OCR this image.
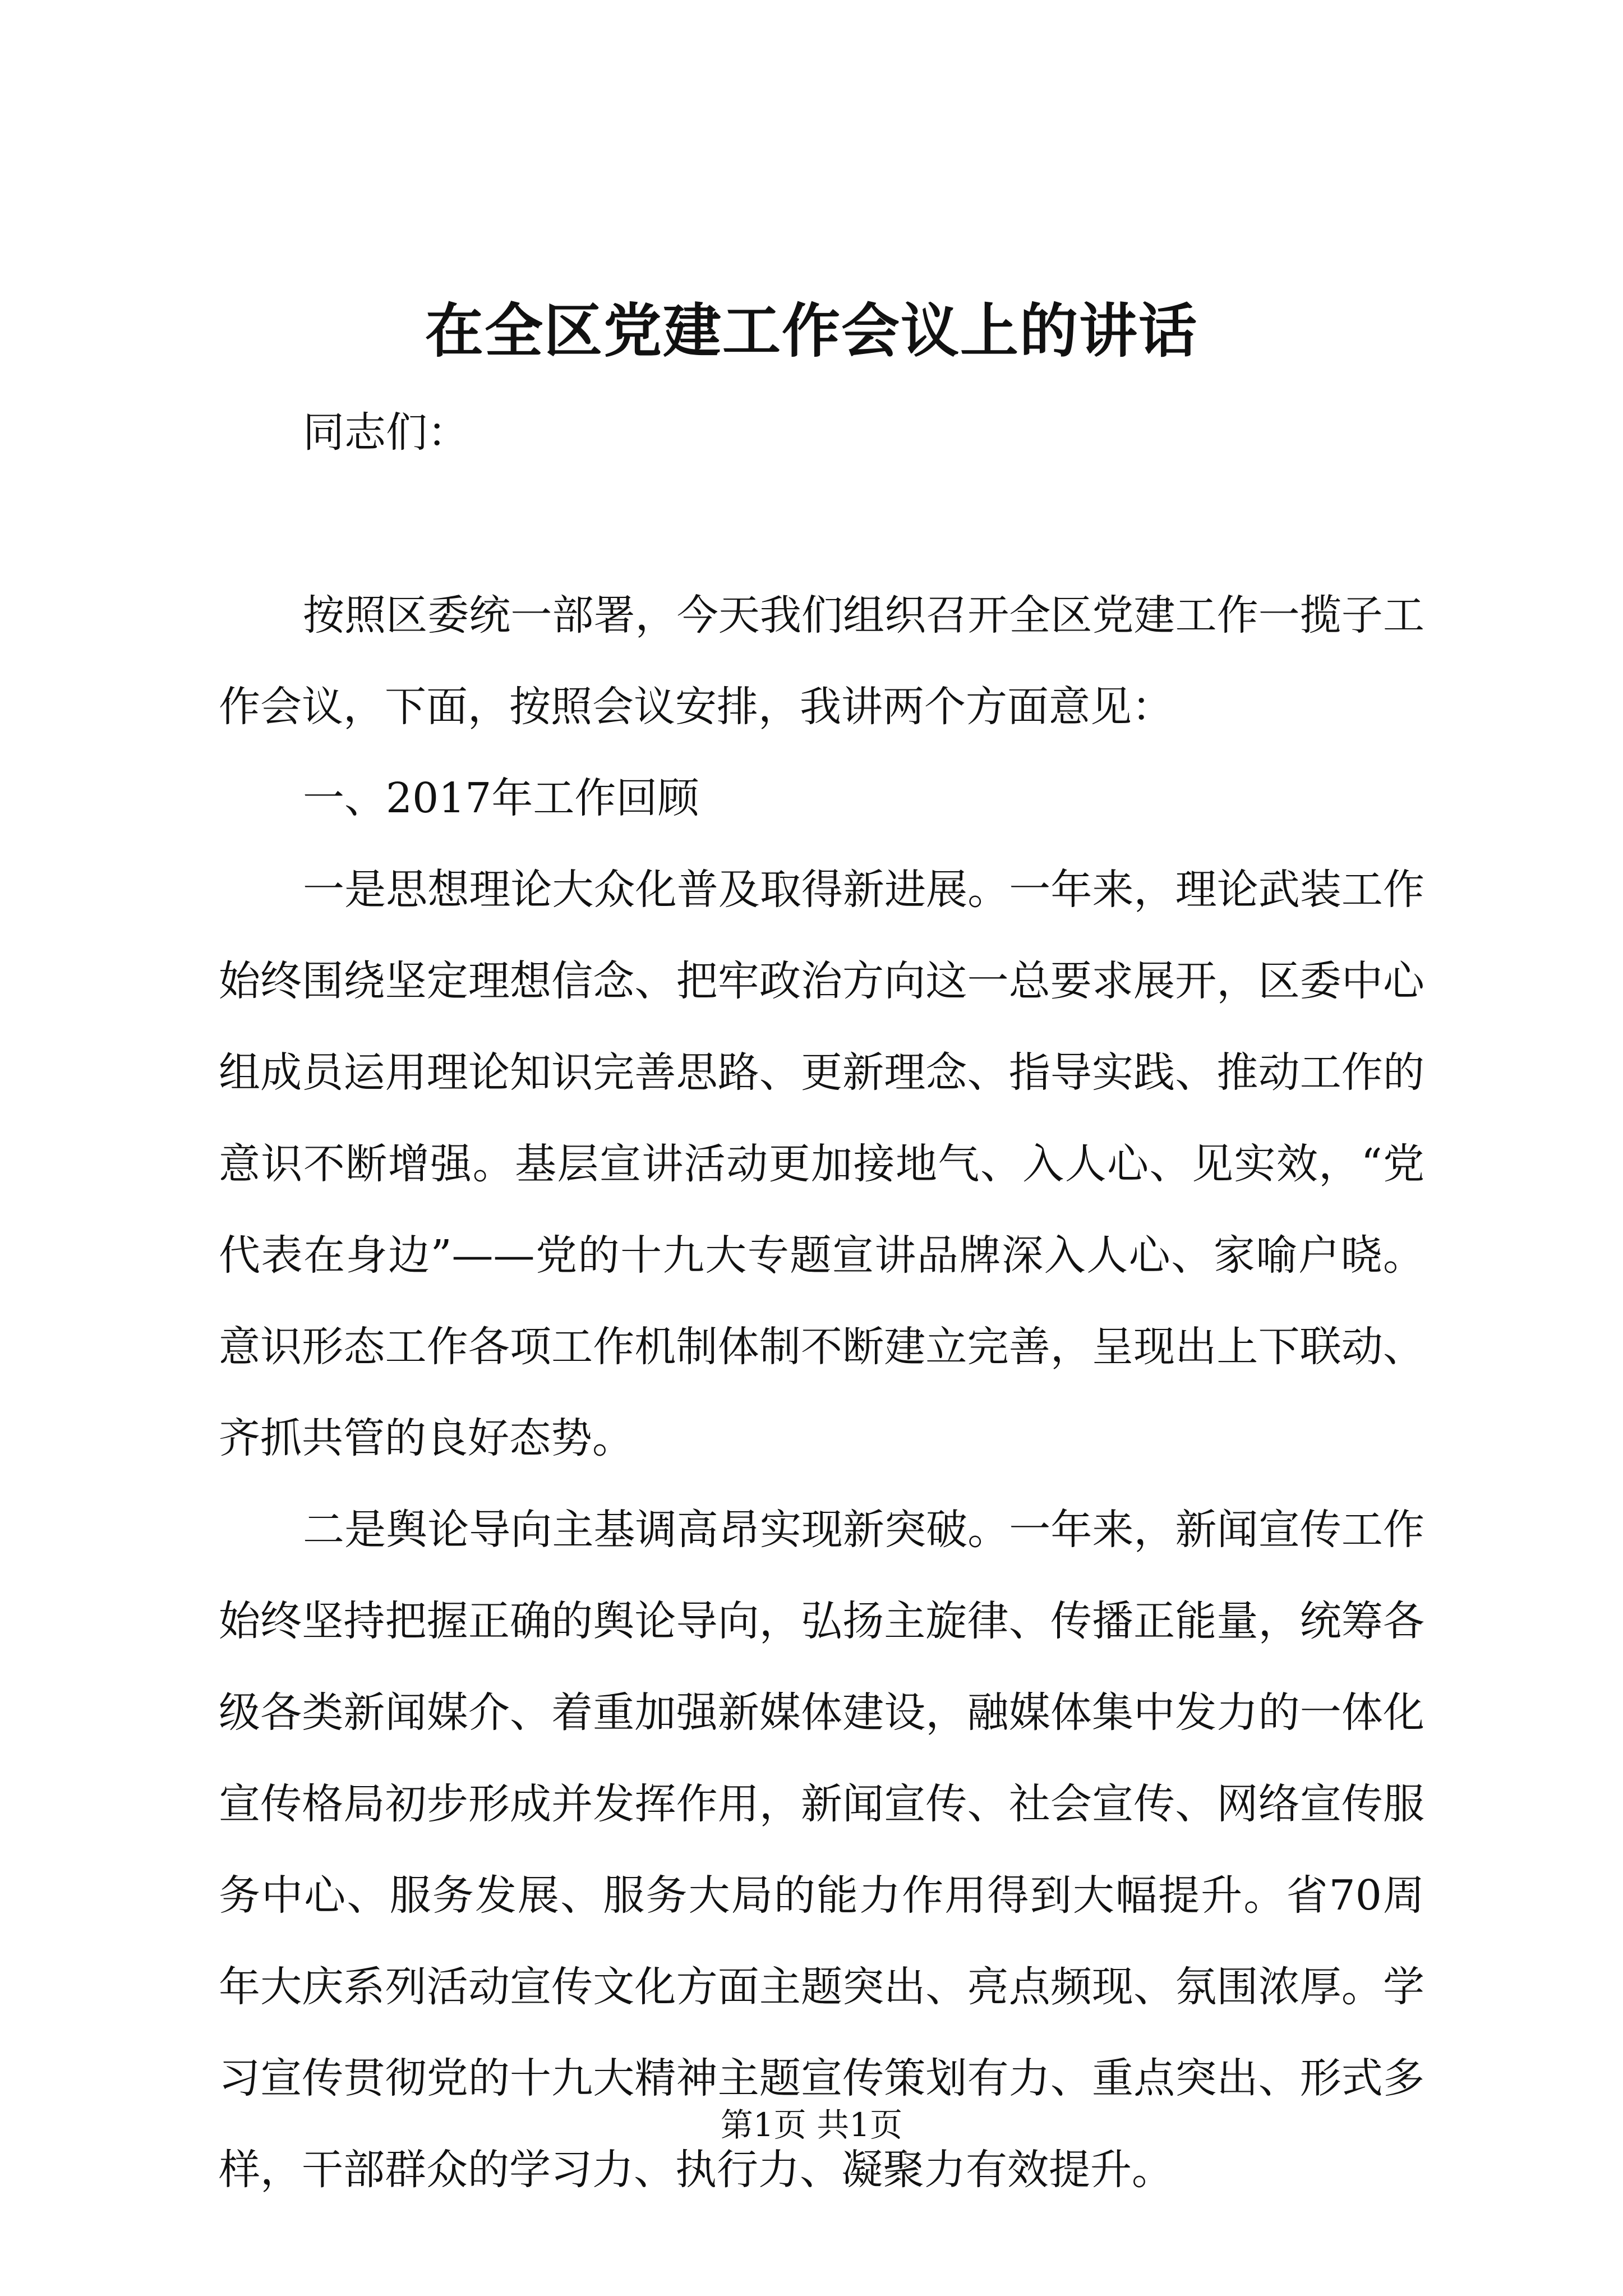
在全区党建工作会议上的讲话

同志们：

按照区委统一部署，今天我们组织召开全区党建工作一揽子工作会议，下面，按照会议安排，我讲两个方面意见：

一、2017年工作回顾

一是思想理论大众化普及取得新进展。一年来，理论武装工作始终围绕坚定理想信念、把牢政治方向这一总要求展开，区委中心组成员运用理论知识完善思路、更新理念、指导实践、推动工作的意识不断增强。基层宣讲活动更加接地气、入人心、见实效，“党代表在身边”——党的十九大专题宣讲品牌深入人心、家喻户晓。意识形态工作各项工作机制体制不断建立完善，呈现出上下联动、齐抓共管的良好态势。

二是舆论导向主基调高昂实现新突破。一年来，新闻宣传工作始终坚持把握正确的舆论导向，弘扬主旋律、传播正能量，统筹各级各类新闻媒介、着重加强新媒体建设，融媒体集中发力的一体化宣传格局初步形成并发挥作用，新闻宣传、社会宣传、网络宣传服务中心、服务发展、服务大局的能力作用得到大幅提升。省70周年大庆系列活动宣传文化方面主题突出、亮点频现、氛围浓厚。学习宣传贯彻党的十九大精神主题宣传策划有力、重点突出、形式多样，干部群众的学习力、执行力、凝聚力有效提升。

第1页 共1页
